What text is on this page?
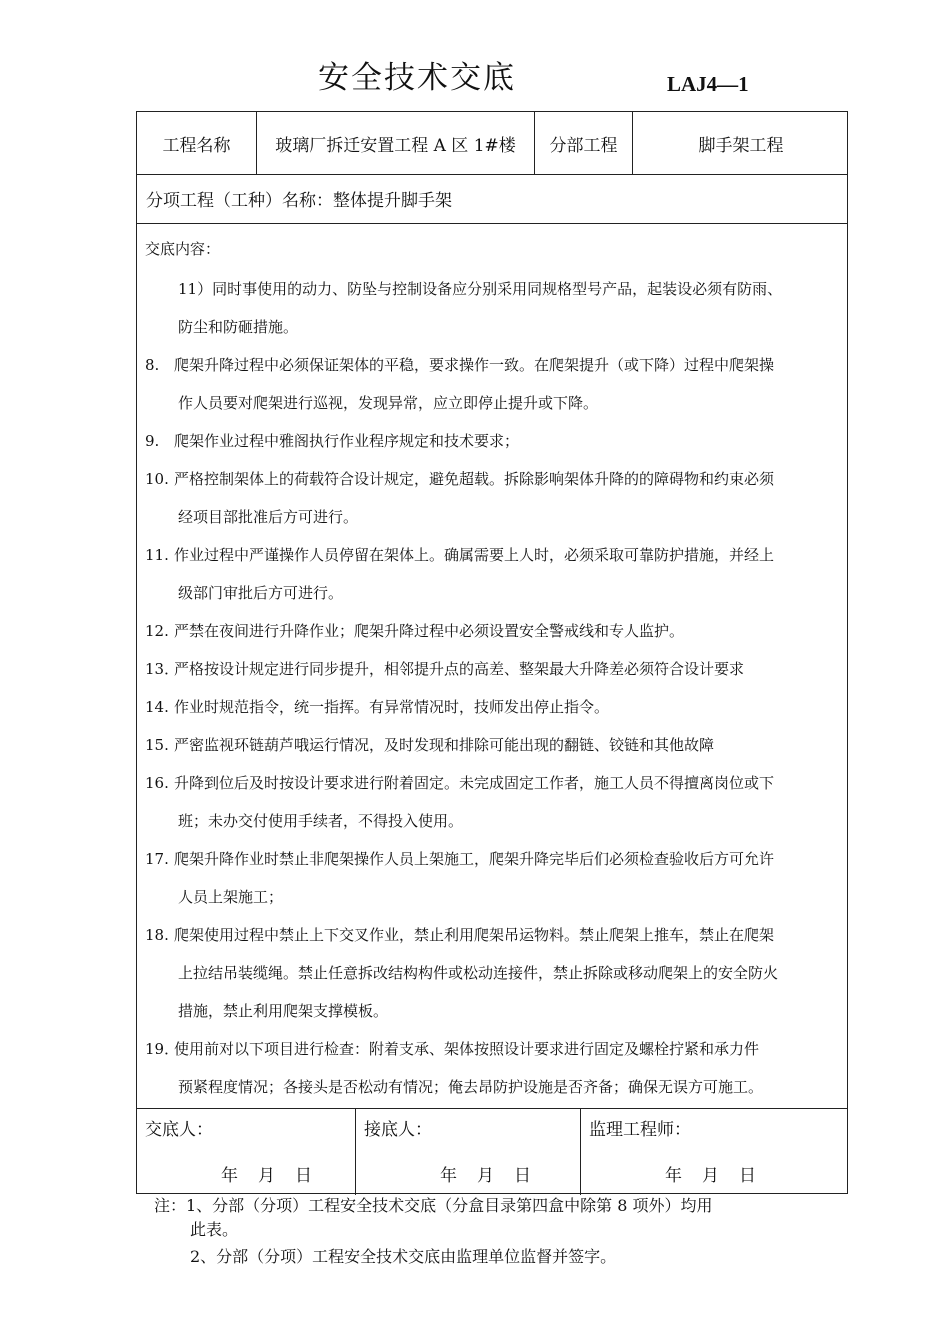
安全技术交底	LAJ4—1
工程名称	玻璃厂拆迁安置工程 A 区 1#楼	分部工程	脚手架工程
分项工程（工种）名称：整体提升脚手架
交底内容：
11）同时事使用的动力、防坠与控制设备应分别采用同规格型号产品，起装设必须有防雨、
防尘和防砸措施。
8. 爬架升降过程中必须保证架体的平稳，要求操作一致。在爬架提升（或下降）过程中爬架操
作人员要对爬架进行巡视，发现异常，应立即停止提升或下降。
9. 爬架作业过程中雅阁执行作业程序规定和技术要求；
10. 严格控制架体上的荷载符合设计规定，避免超载。拆除影响架体升降的的障碍物和约束必须
经项目部批准后方可进行。
11. 作业过程中严谨操作人员停留在架体上。确属需要上人时，必须采取可靠防护措施，并经上
级部门审批后方可进行。
12. 严禁在夜间进行升降作业；爬架升降过程中必须设置安全警戒线和专人监护。
13．
严格按设计规定进行同步提升，相邻提升点的高差、整架最大升降差必须符合设计要求
14. 作业时规范指令，统一指挥。有异常情况时，技师发出停止指令。
15. 严密监视环链葫芦哦运行情况，及时发现和排除可能出现的翻链、铰链和其他故障
16. 升降到位后及时按设计要求进行附着固定。未完成固定工作者，施工人员不得擅离岗位或下
班；未办交付使用手续者，不得投入使用。
17. 爬架升降作业时禁止非爬架操作人员上架施工，爬架升降完毕后们必须检查验收后方可允许
人员上架施工；
18. 爬架使用过程中禁止上下交叉作业，禁止利用爬架吊运物料。禁止爬架上推车，禁止在爬架
上拉结吊装缆绳。禁止任意拆改结构构件或松动连接件，禁止拆除或移动爬架上的安全防火
措施，禁止利用爬架支撑模板。
19．
使用前对以下项目进行检查：附着支承、架体按照设计要求进行固定及螺栓拧紧和承力件
预紧程度情况；各接头是否松动有情况；俺去昂防护设施是否齐备；确保无误方可施工。
交底人：
年 月 日
接底人：
年 月 日
监理工程师：
年 月 日
注：1、分部（分项）工程安全技术交底（分盒目录第四盒中除第 8 项外）均用
此表。
2、分部（分项）工程安全技术交底由监理单位监督并签字。
